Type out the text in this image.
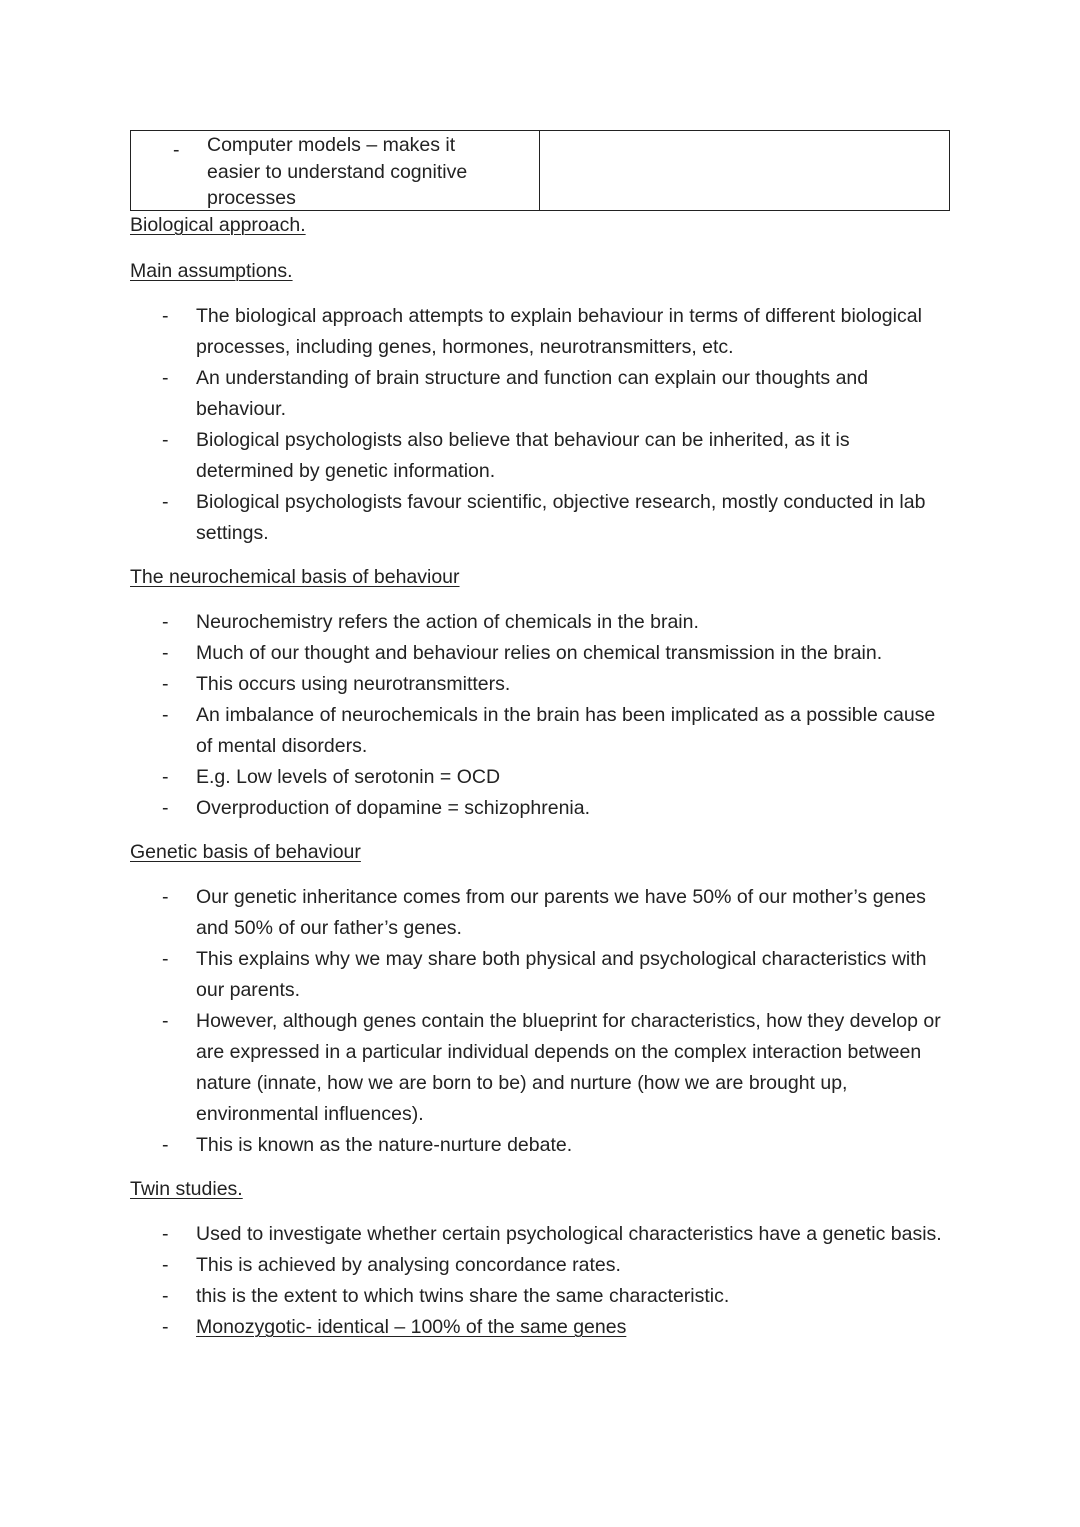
- Computer models – makes it
easier to understand cognitive
processes
Biological approach.
Main assumptions.
- The biological approach attempts to explain behaviour in terms of different biological processes, including genes, hormones, neurotransmitters, etc.
- An understanding of brain structure and function can explain our thoughts and behaviour.
- Biological psychologists also believe that behaviour can be inherited, as it is determined by genetic information.
- Biological psychologists favour scientific, objective research, mostly conducted in lab settings.
The neurochemical basis of behaviour
- Neurochemistry refers the action of chemicals in the brain.
- Much of our thought and behaviour relies on chemical transmission in the brain.
- This occurs using neurotransmitters.
- An imbalance of neurochemicals in the brain has been implicated as a possible cause of mental disorders.
- E.g. Low levels of serotonin = OCD
- Overproduction of dopamine = schizophrenia.
Genetic basis of behaviour
- Our genetic inheritance comes from our parents we have 50% of our mother’s genes and 50% of our father’s genes.
- This explains why we may share both physical and psychological characteristics with our parents.
- However, although genes contain the blueprint for characteristics, how they develop or are expressed in a particular individual depends on the complex interaction between nature (innate, how we are born to be) and nurture (how we are brought up, environmental influences).
- This is known as the nature-nurture debate.
Twin studies.
- Used to investigate whether certain psychological characteristics have a genetic basis.
- This is achieved by analysing concordance rates.
- this is the extent to which twins share the same characteristic.
- Monozygotic- identical – 100% of the same genes
